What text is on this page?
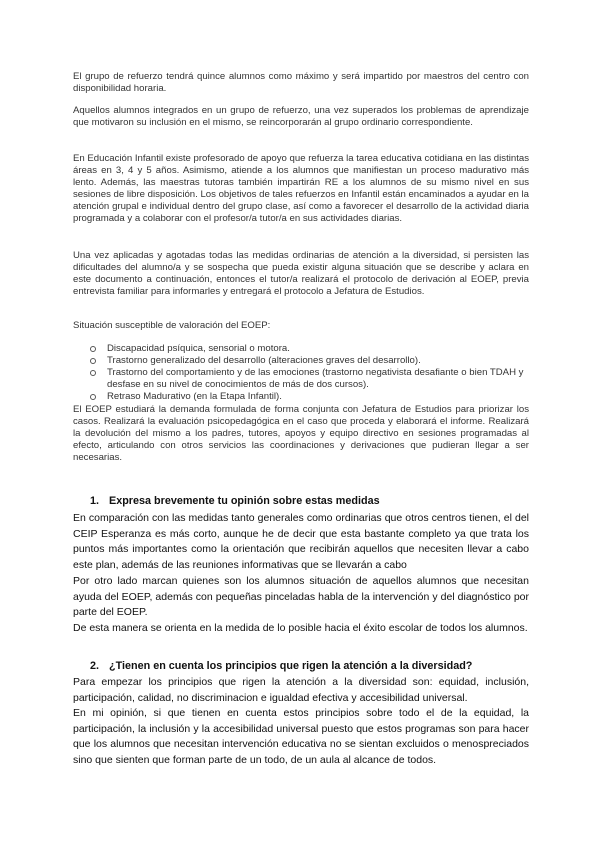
El grupo de refuerzo tendrá quince alumnos como máximo y será impartido por maestros del centro con disponibilidad horaria.

Aquellos alumnos integrados en un grupo de refuerzo, una vez superados los problemas de aprendizaje que motivaron su inclusión en el mismo, se reincorporarán al grupo ordinario correspondiente.

En Educación Infantil existe profesorado de apoyo que refuerza la tarea educativa cotidiana en las distintas áreas en 3, 4 y 5 años. Asimismo, atiende a los alumnos que manifiestan un proceso madurativo más lento. Además, las maestras tutoras también impartirán RE a los alumnos de su mismo nivel en sus sesiones de libre disposición. Los objetivos de tales refuerzos en Infantil están encaminados a ayudar en la atención grupal e individual dentro del grupo clase, así como a favorecer el desarrollo de la actividad diaria programada y a colaborar con el profesor/a tutor/a en sus actividades diarias.

Una vez aplicadas y agotadas todas las medidas ordinarias de atención a la diversidad, si persisten las dificultades del alumno/a y se sospecha que pueda existir alguna situación que se describe y aclara en este documento a continuación, entonces el tutor/a realizará el protocolo de derivación al EOEP, previa entrevista familiar para informarles y entregará el protocolo a Jefatura de Estudios.

Situación susceptible de valoración del EOEP:

Discapacidad psíquica, sensorial o motora.
Trastorno generalizado del desarrollo (alteraciones graves del desarrollo).
Trastorno del comportamiento y de las emociones (trastorno negativista desafiante o bien TDAH y desfase en su nivel de conocimientos de más de dos cursos).
Retraso Madurativo (en la Etapa Infantil).

El EOEP estudiará la demanda formulada de forma conjunta con Jefatura de Estudios para priorizar los casos. Realizará la evaluación psicopedagógica en el caso que proceda y elaborará el informe. Realizará la devolución del mismo a los padres, tutores, apoyos y equipo directivo en sesiones programadas al efecto, articulando con otros servicios las coordinaciones y derivaciones que pudieran llegar a ser necesarias.

1. Expresa brevemente tu opinión sobre estas medidas

En comparación con las medidas tanto generales como ordinarias que otros centros tienen, el del CEIP Esperanza es más corto, aunque he de decir que esta bastante completo ya que trata los puntos más importantes como la orientación que recibirán aquellos que necesiten llevar a cabo este plan, además de las reuniones informativas que se llevarán a cabo

Por otro lado marcan quienes son los alumnos situación de aquellos alumnos que necesitan ayuda del EOEP, además con pequeñas pinceladas habla de la intervención y del diagnóstico por parte del EOEP.

De esta manera se orienta en la medida de lo posible hacia el éxito escolar de todos los alumnos.

2. ¿Tienen en cuenta los principios que rigen la atención a la diversidad?

Para empezar los principios que rigen la atención a la diversidad son: equidad, inclusión, participación, calidad, no discriminacion e igualdad efectiva y accesibilidad universal.

En mi opinión, si que tienen en cuenta estos principios sobre todo el de la equidad, la participación, la inclusión y la accesibilidad universal puesto que estos programas son para hacer que los alumnos que necesitan intervención educativa no se sientan excluidos o menospreciados sino que sienten que forman parte de un todo, de un aula al alcance de todos.
